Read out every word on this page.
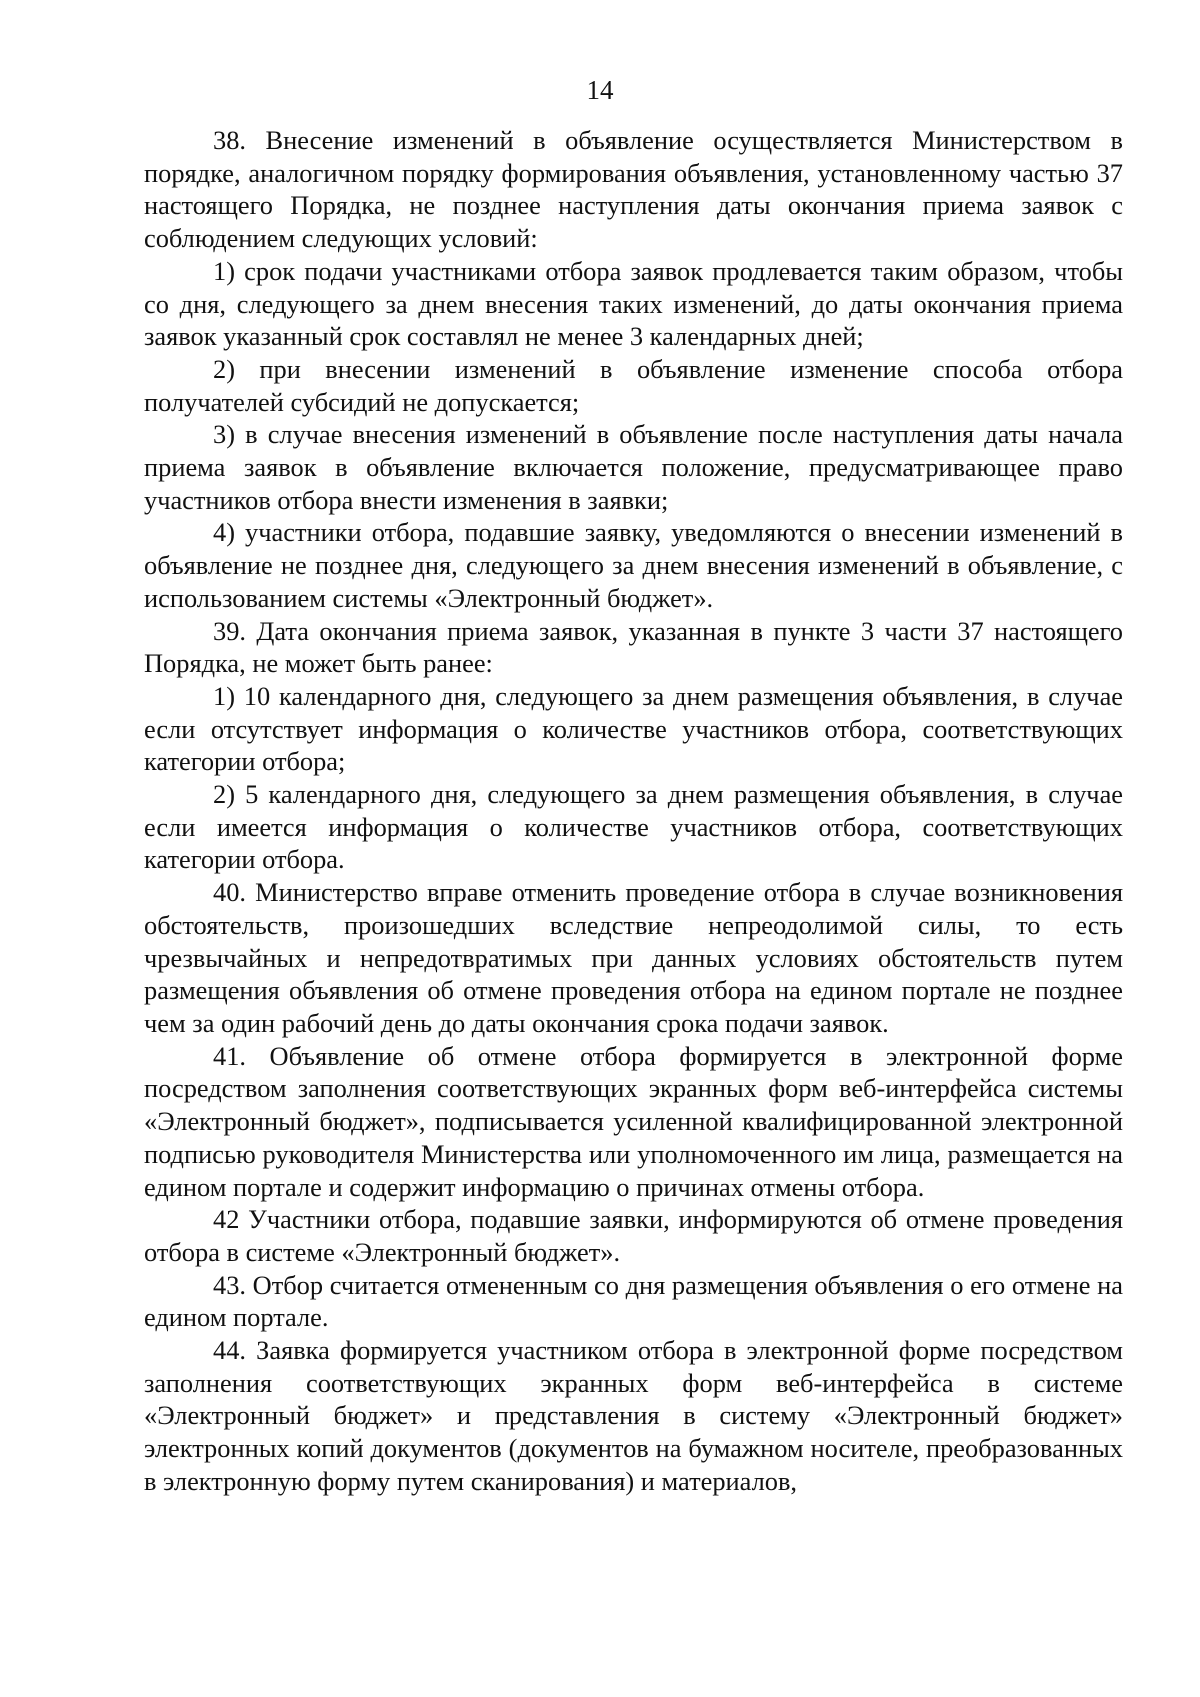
14

38. Внесение изменений в объявление осуществляется Министерством в порядке, аналогичном порядку формирования объявления, установленному частью 37 настоящего Порядка, не позднее наступления даты окончания приема заявок с соблюдением следующих условий:

1) срок подачи участниками отбора заявок продлевается таким образом, чтобы со дня, следующего за днем внесения таких изменений, до даты окончания приема заявок указанный срок составлял не менее 3 календарных дней;

2) при внесении изменений в объявление изменение способа отбора получателей субсидий не допускается;

3) в случае внесения изменений в объявление после наступления даты начала приема заявок в объявление включается положение, предусматривающее право участников отбора внести изменения в заявки;

4) участники отбора, подавшие заявку, уведомляются о внесении изменений в объявление не позднее дня, следующего за днем внесения изменений в объявление, с использованием системы «Электронный бюджет».

39. Дата окончания приема заявок, указанная в пункте 3 части 37 настоящего Порядка, не может быть ранее:

1) 10 календарного дня, следующего за днем размещения объявления, в случае если отсутствует информация о количестве участников отбора, соответствующих категории отбора;

2) 5 календарного дня, следующего за днем размещения объявления, в случае если имеется информация о количестве участников отбора, соответствующих категории отбора.

40. Министерство вправе отменить проведение отбора в случае возникновения обстоятельств, произошедших вследствие непреодолимой силы, то есть чрезвычайных и непредотвратимых при данных условиях обстоятельств путем размещения объявления об отмене проведения отбора на едином портале не позднее чем за один рабочий день до даты окончания срока подачи заявок.

41. Объявление об отмене отбора формируется в электронной форме посредством заполнения соответствующих экранных форм веб-интерфейса системы «Электронный бюджет», подписывается усиленной квалифицированной электронной подписью руководителя Министерства или уполномоченного им лица, размещается на едином портале и содержит информацию о причинах отмены отбора.

42 Участники отбора, подавшие заявки, информируются об отмене проведения отбора в системе «Электронный бюджет».

43. Отбор считается отмененным со дня размещения объявления о его отмене на едином портале.

44. Заявка формируется участником отбора в электронной форме посредством заполнения соответствующих экранных форм веб-интерфейса в системе «Электронный бюджет» и представления в систему «Электронный бюджет» электронных копий документов (документов на бумажном носителе, преобразованных в электронную форму путем сканирования) и материалов,
